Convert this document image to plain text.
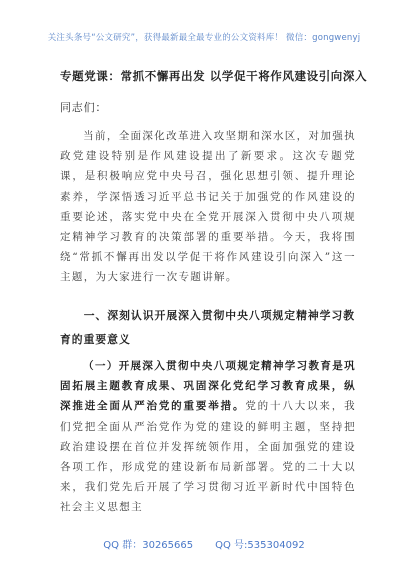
关注头条号“公文研究”，获得最新最全最专业的公文资料库！ 微信：gongwenyj
专题党课：常抓不懈再出发 以学促干将作风建设引向深入
同志们：

当前，全面深化改革进入攻坚期和深水区，对加强执政党建设特别是作风建设提出了新要求。这次专题党课，是积极响应党中央号召，强化思想引领、提升理论素养，学深悟透习近平总书记关于加强党的作风建设的重要论述，落实党中央在全党开展深入贯彻中央八项规定精神学习教育的决策部署的重要举措。今天，我将围绕“常抓不懈再出发以学促干将作风建设引向深入”这一主题，为大家进行一次专题讲解。

一、深刻认识开展深入贯彻中央八项规定精神学习教育的重要意义

（一）开展深入贯彻中央八项规定精神学习教育是巩固拓展主题教育成果、巩固深化党纪学习教育成果，纵深推进全面从严治党的重要举措。党的十八大以来，我们党把全面从严治党作为党的建设的鲜明主题，坚持把政治建设摆在首位并发挥统领作用，全面加强党的建设各项工作，形成党的建设新布局新部署。党的二十大以来，我们党先后开展了学习贯彻习近平新时代中国特色社会主义思想主

QQ 群：30265665 QQ 号:535304092
